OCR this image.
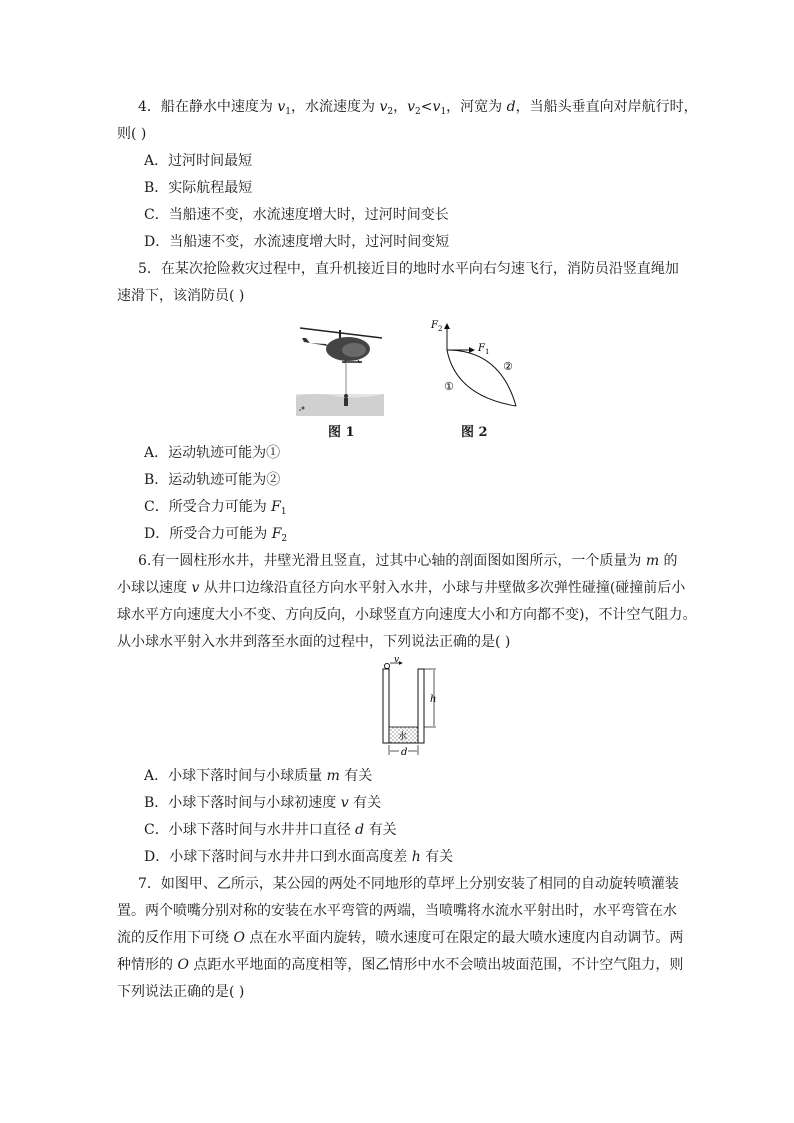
4．船在静水中速度为 $v_1$，水流速度为 $v_2$，$v_2<v_1$，河宽为 d，当船头垂直向对岸航行时，
则( )
A．过河时间最短
B．实际航程最短
C．当船速不变，水流速度增大时，过河时间变长
D．当船速不变，水流速度增大时，过河时间变短
5．在某次抢险救灾过程中，直升机接近目的地时水平向右匀速飞行，消防员沿竖直绳加
速滑下，该消防员( )
图 1
$F_2$
$F_1$
②
①
图 2
A．运动轨迹可能为①
B．运动轨迹可能为②
C．所受合力可能为 $F_1$
D．所受合力可能为 $F_2$
6.有一圆柱形水井，井壁光滑且竖直，过其中心轴的剖面图如图所示，一个质量为 m 的
小球以速度 v 从井口边缘沿直径方向水平射入水井，小球与井壁做多次弹性碰撞(碰撞前后小
球水平方向速度大小不变、方向反向，小球竖直方向速度大小和方向都不变)，不计空气阻力。
从小球水平射入水井到落至水面的过程中，下列说法正确的是( )
水
v
h
d
A．小球下落时间与小球质量 m 有关
B．小球下落时间与小球初速度 v 有关
C．小球下落时间与水井井口直径 d 有关
D．小球下落时间与水井井口到水面高度差 h 有关
7．如图甲、乙所示，某公园的两处不同地形的草坪上分别安装了相同的自动旋转喷灌装
置。两个喷嘴分别对称的安装在水平弯管的两端，当喷嘴将水流水平射出时，水平弯管在水
流的反作用下可绕 O 点在水平面内旋转，喷水速度可在限定的最大喷水速度内自动调节。两
种情形的 O 点距水平地面的高度相等，图乙情形中水不会喷出坡面范围，不计空气阻力，则
下列说法正确的是( )
